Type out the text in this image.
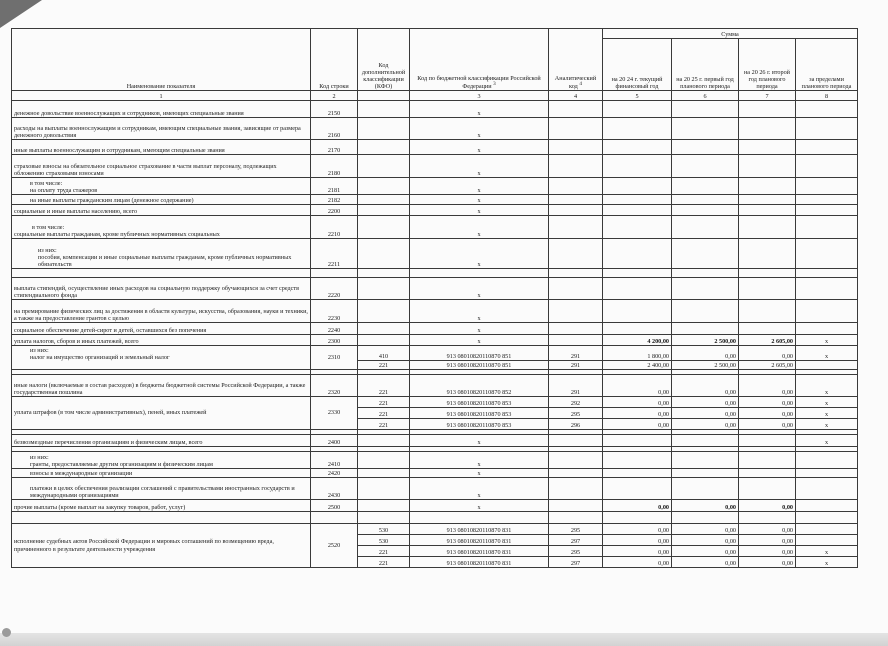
Наименование показателя	Код строки	Код дополнительной классификации (КФО)	Код по бюджетной классификации Российской Федерации $^3$	Аналитический код $^4$	Сумма			
					на 20 24 г. текущий финансовый год	на 20 25 г. первый год планового периода	на 20 26 г. второй год планового периода	за пределами планового периода
1	2		3	4	5	6	7	8
денежное довольствие военнослужащих и сотрудников, имеющих специальные звания	2150		х					
расходы на выплаты военнослужащим и сотрудникам, имеющим специальные звания, зависящие от размера денежного довольствия	2160		х					
иные выплаты военнослужащим и сотрудникам, имеющим специальные звания	2170		х					
страховые взносы на обязательное социальное страхование в части выплат персоналу, подлежащих обложению страховыми взносами	2180		х					

в том числе:
на оплату труда стажеров	2181		х					
на иные выплаты гражданским лицам (денежное содержание)	2182		х					
социальные и иные выплаты населению, всего	2200		х					

в том числе:
социальные выплаты гражданам, кроме публичных нормативных социальных	2210		х					

из них:
пособия, компенсации и иные социальные выплаты гражданам, кроме публичных нормативных обязательств	2211		х					

выплата стипендий, осуществление иных расходов на социальную поддержку обучающихся за счет средств стипендиального фонда	2220		х					
на премирование физических лиц за достижения в области культуры, искусства, образования, науки и техники, а также на предоставление грантов с целью	2230		х					
социальное обеспечение детей-сирот и детей, оставшихся без попечения	2240		х					
уплата налогов, сборов и иных платежей, всего	2300		х		4 200,00	2 500,00	2 605,00	х

из них:
налог на имущество организаций и земельный налог	2310	410	913 08010820110870 851	291	1 800,00	0,00	0,00	х
		221	913 08010820110870 851	291	2 400,00	2 500,00	2 605,00	

иные налоги (включаемые в состав расходов) в бюджеты бюджетной системы Российской Федерации, а также государственная пошлина	2320	221	913 08010820110870 852	291	0,00	0,00	0,00	х
уплата штрафов (в том числе административных), пеней, иных платежей	2330	221	913 08010820110870 853	292	0,00	0,00	0,00	х
		221	913 08010820110870 853	295	0,00	0,00	0,00	х
		221	913 08010820110870 853	296	0,00	0,00	0,00	х

безвозмездные перечисления организациям и физическим лицам, всего	2400		х					х

из них:
гранты, предоставляемые другим организациям и физическим лицам	2410		х					
взносы в международные организации	2420		х					
платежи в целях обеспечения реализации соглашений с правительствами иностранных государств и международными организациями	2430		х					
прочие выплаты (кроме выплат на закупку товаров, работ, услуг)	2500		х		0,00	0,00	0,00	

исполнение судебных актов Российской Федерации и мировых соглашений по возмещению вреда, причиненного в результате деятельности учреждения	2520	530	913 08010820110870 831	295	0,00	0,00	0,00	
		530	913 08010820110870 831	297	0,00	0,00	0,00	
		221	913 08010820110870 831	295	0,00	0,00	0,00	х
		221	913 08010820110870 831	297	0,00	0,00	0,00	х
